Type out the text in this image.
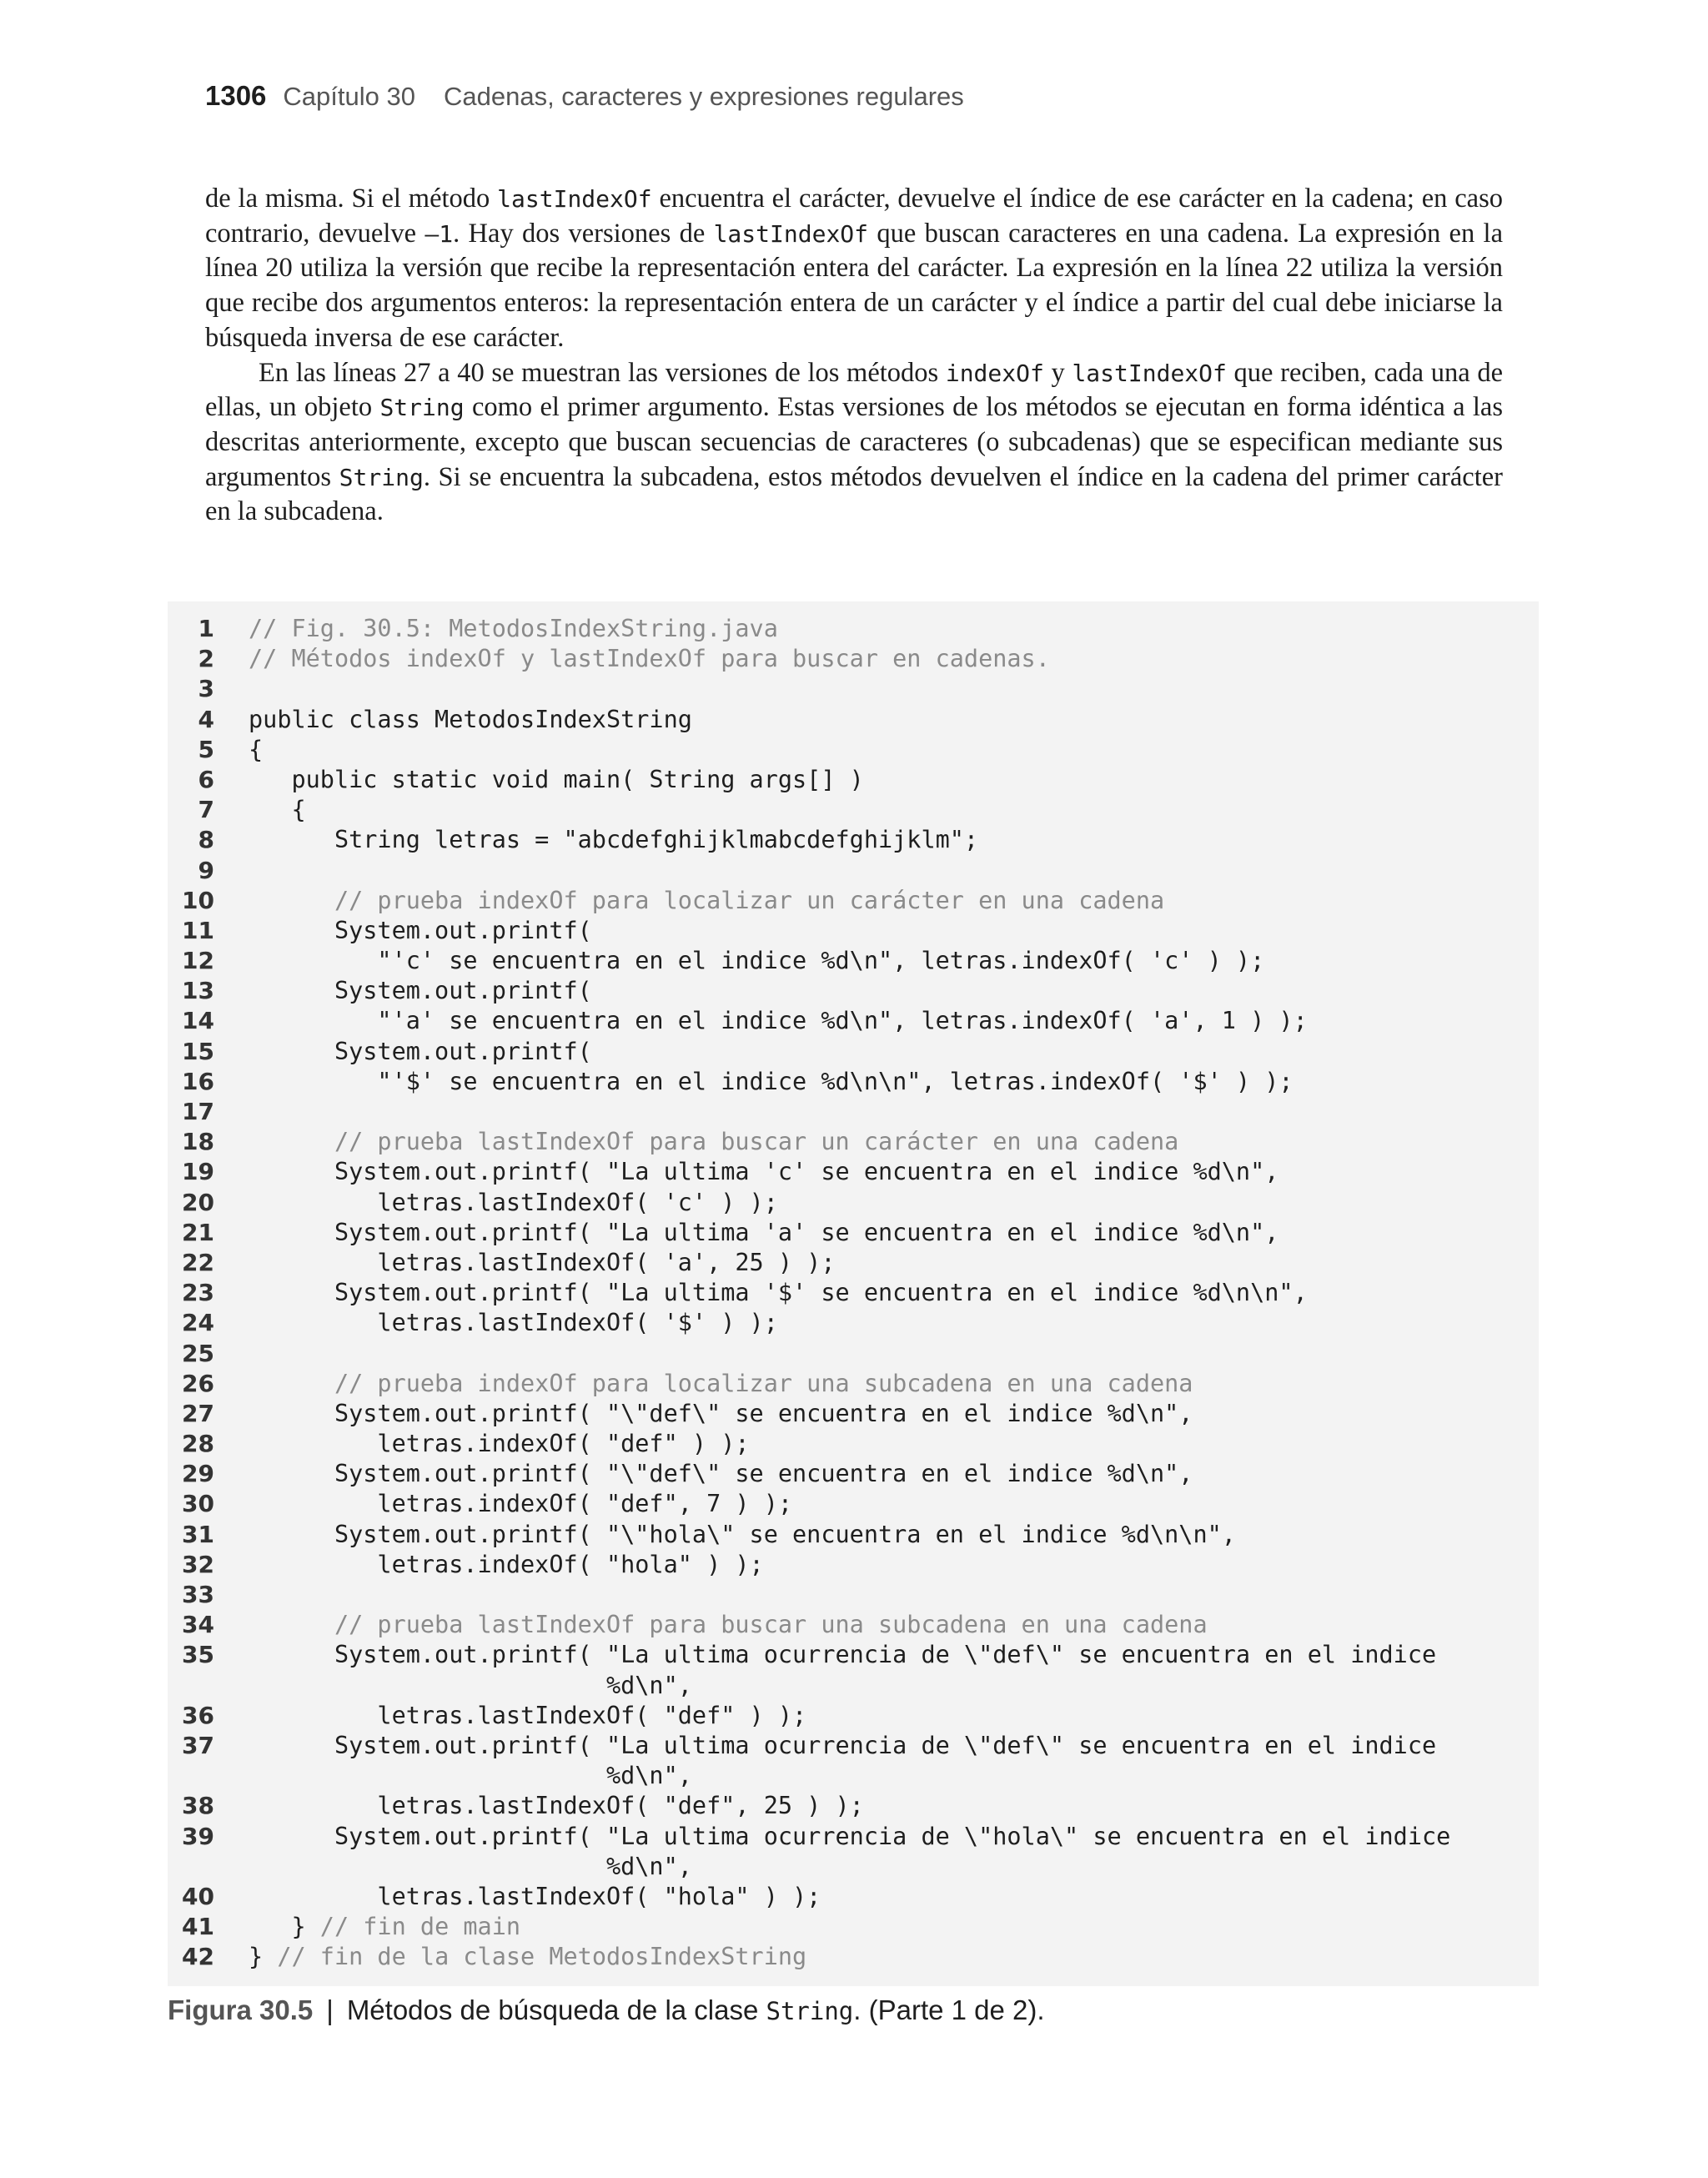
1306 Capítulo 30 Cadenas, caracteres y expresiones regulares

de la misma. Si el método lastIndexOf encuentra el carácter, devuelve el índice de ese carácter en la cadena; en caso contrario, devuelve –1. Hay dos versiones de lastIndexOf que buscan caracteres en una cadena. La expresión en la línea 20 utiliza la versión que recibe la representación entera del carácter. La expresión en la línea 22 utiliza la versión que recibe dos argumentos enteros: la representación entera de un carácter y el índice a partir del cual debe iniciarse la búsqueda inversa de ese carácter.

En las líneas 27 a 40 se muestran las versiones de los métodos indexOf y lastIndexOf que reciben, cada una de ellas, un objeto String como el primer argumento. Estas versiones de los métodos se ejecutan en forma idéntica a las descritas anteriormente, excepto que buscan secuencias de caracteres (o subcadenas) que se especifican mediante sus argumentos String. Si se encuentra la subcadena, estos métodos devuelven el índice en la cadena del primer carácter en la subcadena.

1 // Fig. 30.5: MetodosIndexString.java
2 // Métodos indexOf y lastIndexOf para buscar en cadenas.
3
4 public class MetodosIndexString
5 {
6 public static void main( String args[] )
7 {
8 String letras = "abcdefghijklmabcdefghijklm";
9
10 // prueba indexOf para localizar un carácter en una cadena
11 System.out.printf(
12 "'c' se encuentra en el indice %d\n", letras.indexOf( 'c' ) );
13 System.out.printf(
14 "'a' se encuentra en el indice %d\n", letras.indexOf( 'a', 1 ) );
15 System.out.printf(
16 "'$' se encuentra en el indice %d\n\n", letras.indexOf( '$' ) );
17
18 // prueba lastIndexOf para buscar un carácter en una cadena
19 System.out.printf( "La ultima 'c' se encuentra en el indice %d\n",
20 letras.lastIndexOf( 'c' ) );
21 System.out.printf( "La ultima 'a' se encuentra en el indice %d\n",
22 letras.lastIndexOf( 'a', 25 ) );
23 System.out.printf( "La ultima '$' se encuentra en el indice %d\n\n",
24 letras.lastIndexOf( '$' ) );
25
26 // prueba indexOf para localizar una subcadena en una cadena
27 System.out.printf( "\"def\" se encuentra en el indice %d\n",
28 letras.indexOf( "def" ) );
29 System.out.printf( "\"def\" se encuentra en el indice %d\n",
30 letras.indexOf( "def", 7 ) );
31 System.out.printf( "\"hola\" se encuentra en el indice %d\n\n",
32 letras.indexOf( "hola" ) );
33
34 // prueba lastIndexOf para buscar una subcadena en una cadena
35 System.out.printf( "La ultima ocurrencia de \"def\" se encuentra en el indice
%d\n",
36 letras.lastIndexOf( "def" ) );
37 System.out.printf( "La ultima ocurrencia de \"def\" se encuentra en el indice
%d\n",
38 letras.lastIndexOf( "def", 25 ) );
39 System.out.printf( "La ultima ocurrencia de \"hola\" se encuentra en el indice
%d\n",
40 letras.lastIndexOf( "hola" ) );
41 } // fin de main
42 } // fin de la clase MetodosIndexString
Figura 30.5 | Métodos de búsqueda de la clase String. (Parte 1 de 2).
